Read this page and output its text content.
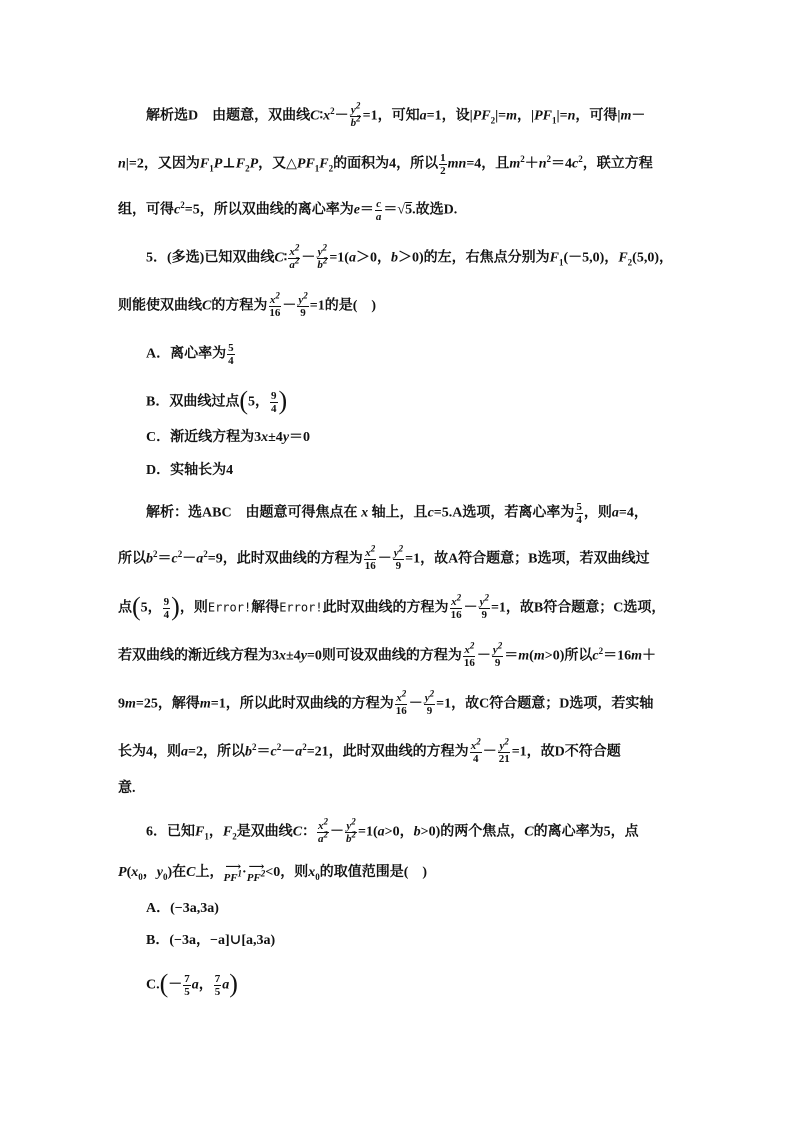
解析选D　由题意，双曲线$C∶x^2- \frac{y^2}{b^2} =1$，可知a=1，设$|PF_2|=m$，$|PF_1|=n$，可得|m－
n|=2，又因为$F_1P\perp F_2P$，又$\triangle PF_1F_2$的面积为4，所以 $\frac{1}{2} mn=4$，且$m^2+n^2=4c^2$，联立方程
组，可得$c^2=5$，所以双曲线的离心率为$e= \frac{c}{a} =√5$.故选D.
5．(多选)已知双曲线C∶ $\frac{x^2}{a^2} - \frac{y^2}{b^2} =1(a>0$，b＞0)的左，右焦点分别为$F_1(-5,0)$，$F_2(5,0)$，
则能使双曲线C的方程为 $\frac{x^2}{16} - \frac{y^2}{9} =1$的是(　)
A．离心率为 $\frac{5}{4}$
B．双曲线过点(5， $\frac{9}{4}$ )
C．渐近线方程为3x±4y＝0
D．实轴长为4
解析：选ABC　由题意可得焦点在 x 轴上，且c=5.A选项，若离心率为 $\frac{5}{4}$ ，则a=4，
所以$b^2=c^2-a^2=9$，此时双曲线的方程为 $\frac{x^2}{16} - \frac{y^2}{9} =1$，故A符合题意；B选项，若双曲线过
点(5， $\frac{9}{4}$ )，则Error!解得Error!此时双曲线的方程为 $\frac{x^2}{16} - \frac{y^2}{9} =1$，故B符合题意；C选项，
若双曲线的渐近线方程为3x±4y=0则可设双曲线的方程为 $\frac{x^2}{16} - \frac{y^2}{9} =m(m>0)$所以$c^2=16m+$
9m=25，解得m=1，所以此时双曲线的方程为 $\frac{x^2}{16} - \frac{y^2}{9} =1$，故C符合题意；D选项，若实轴
长为4，则a=2，所以$b^2=c^2-a^2=21$，此时双曲线的方程为 $\frac{x^2}{4} - \frac{y^2}{21} =1$，故D不符合题
意.
6．已知$F_1$，$F_2$是双曲线C： $\frac{x^2}{a^2} - \frac{y^2}{b^2} =1(a>0$，b>0)的两个焦点，C的离心率为5，点
$P(x_0$，$y_0$)在C上， ⟶
$PF^1$ · ⟶
$PF^2 <0$，则$x_0$的取值范围是(　)
A．(−3a,3a)
B．(−3a，−a]∪[a,3a)
$C.(- \frac{7}{5}$ a， $\frac{7}{5} a$)
